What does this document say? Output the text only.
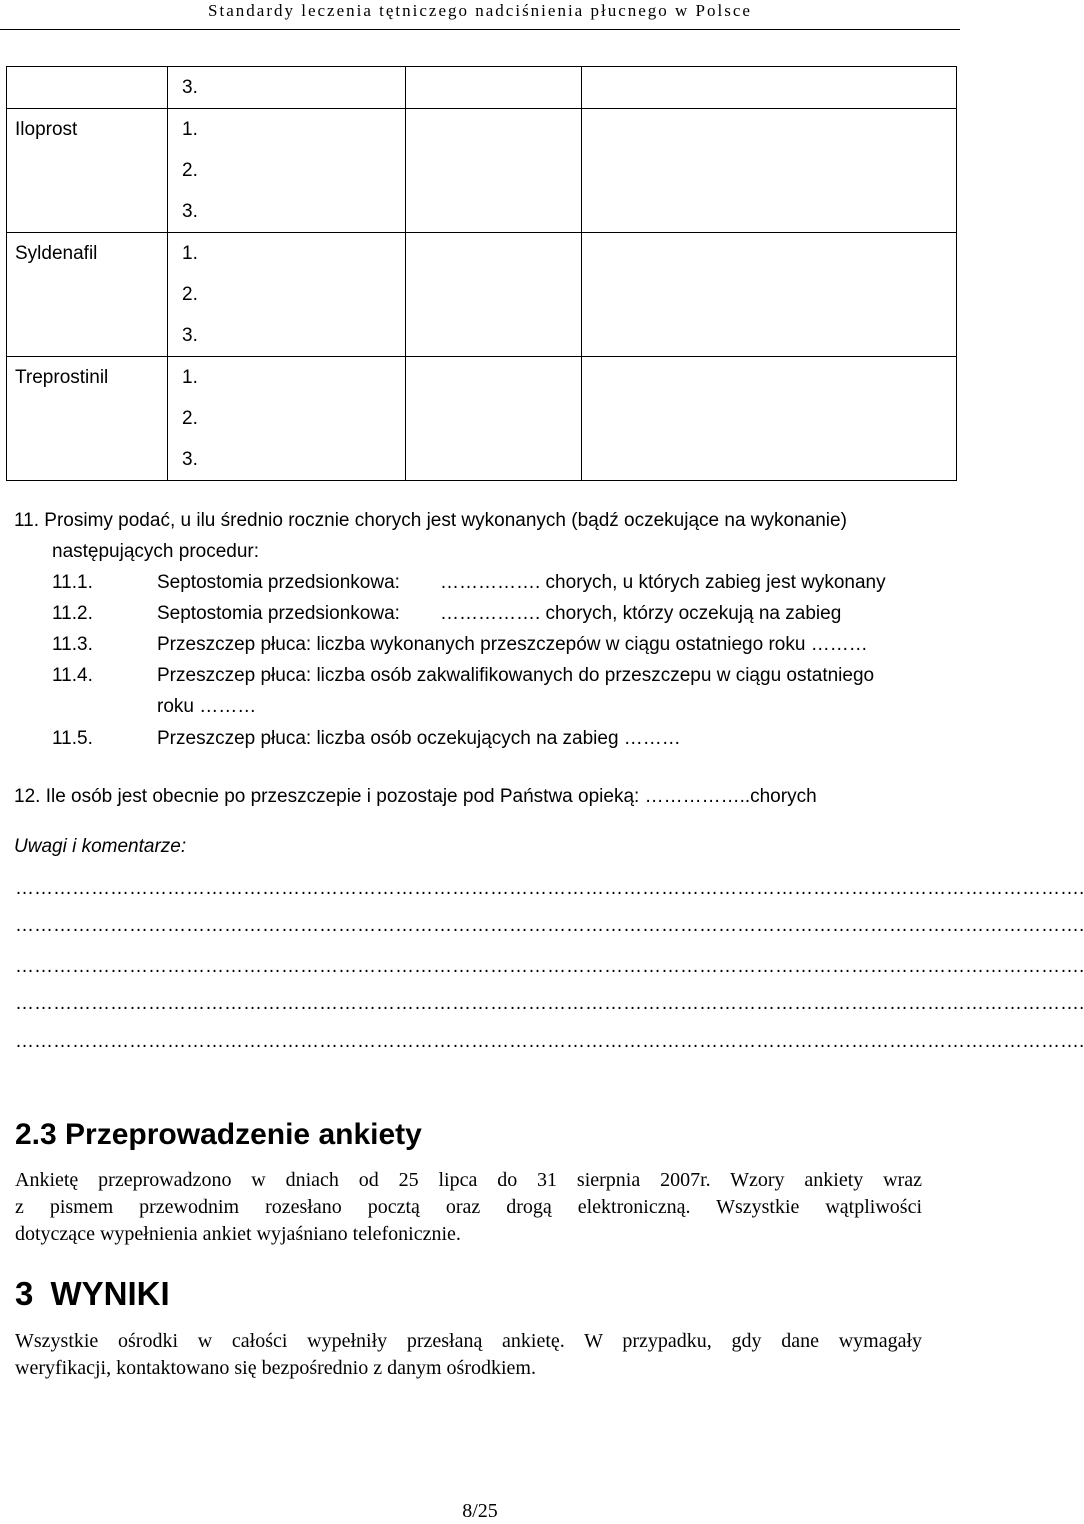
Standardy leczenia tętniczego nadciśnienia płucnego w Polsce

	3.		

Iloprost	1.
2.
3.		

Syldenafil	1.
2.
3.		

Treprostinil	1.
2.
3.		

11. Prosimy podać, u ilu średnio rocznie chorych jest wykonanych (bądź oczekujące na wykonanie)
następujących procedur:
11.1.	Septostomia przedsionkowa: ……………. chorych, u których zabieg jest wykonany
11.2.	Septostomia przedsionkowa: ……………. chorych, którzy oczekują na zabieg
11.3.	Przeszczep płuca: liczba wykonanych przeszczepów w ciągu ostatniego roku ………
11.4.	Przeszczep płuca: liczba osób zakwalifikowanych do przeszczepu w ciągu ostatniego
roku ………
11.5.	Przeszczep płuca: liczba osób oczekujących na zabieg ………
12. Ile osób jest obecnie po przeszczepie i pozostaje pod Państwa opieką: ……………..chorych
Uwagi i komentarze:
…………………………………………………………………………………………………………………………………………………….
…………………………………………………………………………………………………………………………………………………….
…………………………………………………………………………………………………………………………………………………….
…………………………………………………………………………………………………………………………………………………….
…………………………………………………………………………………………………………………………………………………….
2.3 Przeprowadzenie ankiety
Ankietę przeprowadzono w dniach od 25 lipca do 31 sierpnia 2007r. Wzory ankiety wraz
z pismem przewodnim rozesłano pocztą oraz drogą elektroniczną. Wszystkie wątpliwości
dotyczące wypełnienia ankiet wyjaśniano telefonicznie.
3 WYNIKI
Wszystkie ośrodki w całości wypełniły przesłaną ankietę. W przypadku, gdy dane wymagały
weryfikacji, kontaktowano się bezpośrednio z danym ośrodkiem.
8/25
